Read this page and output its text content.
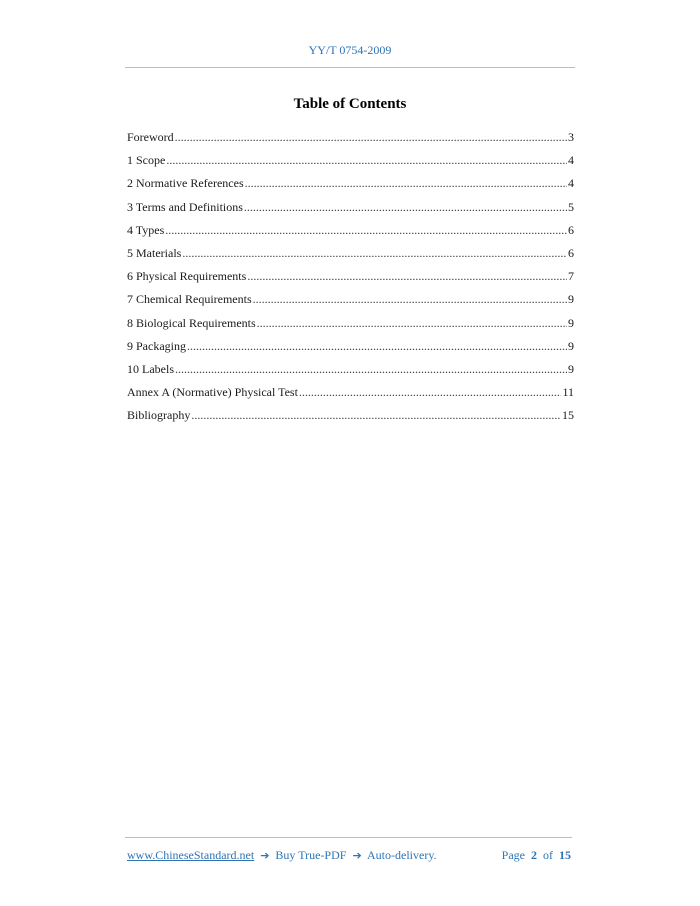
YY/T 0754-2009
Table of Contents
Foreword .....	3
1 Scope .....	4
2 Normative References .....	4
3 Terms and Definitions .....	5
4 Types .....	6
5 Materials .....	6
6 Physical Requirements .....	7
7 Chemical Requirements .....	9
8 Biological Requirements .....	9
9 Packaging .....	9
10 Labels .....	9
Annex A (Normative) Physical Test .....	11
Bibliography .....	15
www.ChineseStandard.net ➔ Buy True-PDF ➔ Auto-delivery.	Page 2 of 15
